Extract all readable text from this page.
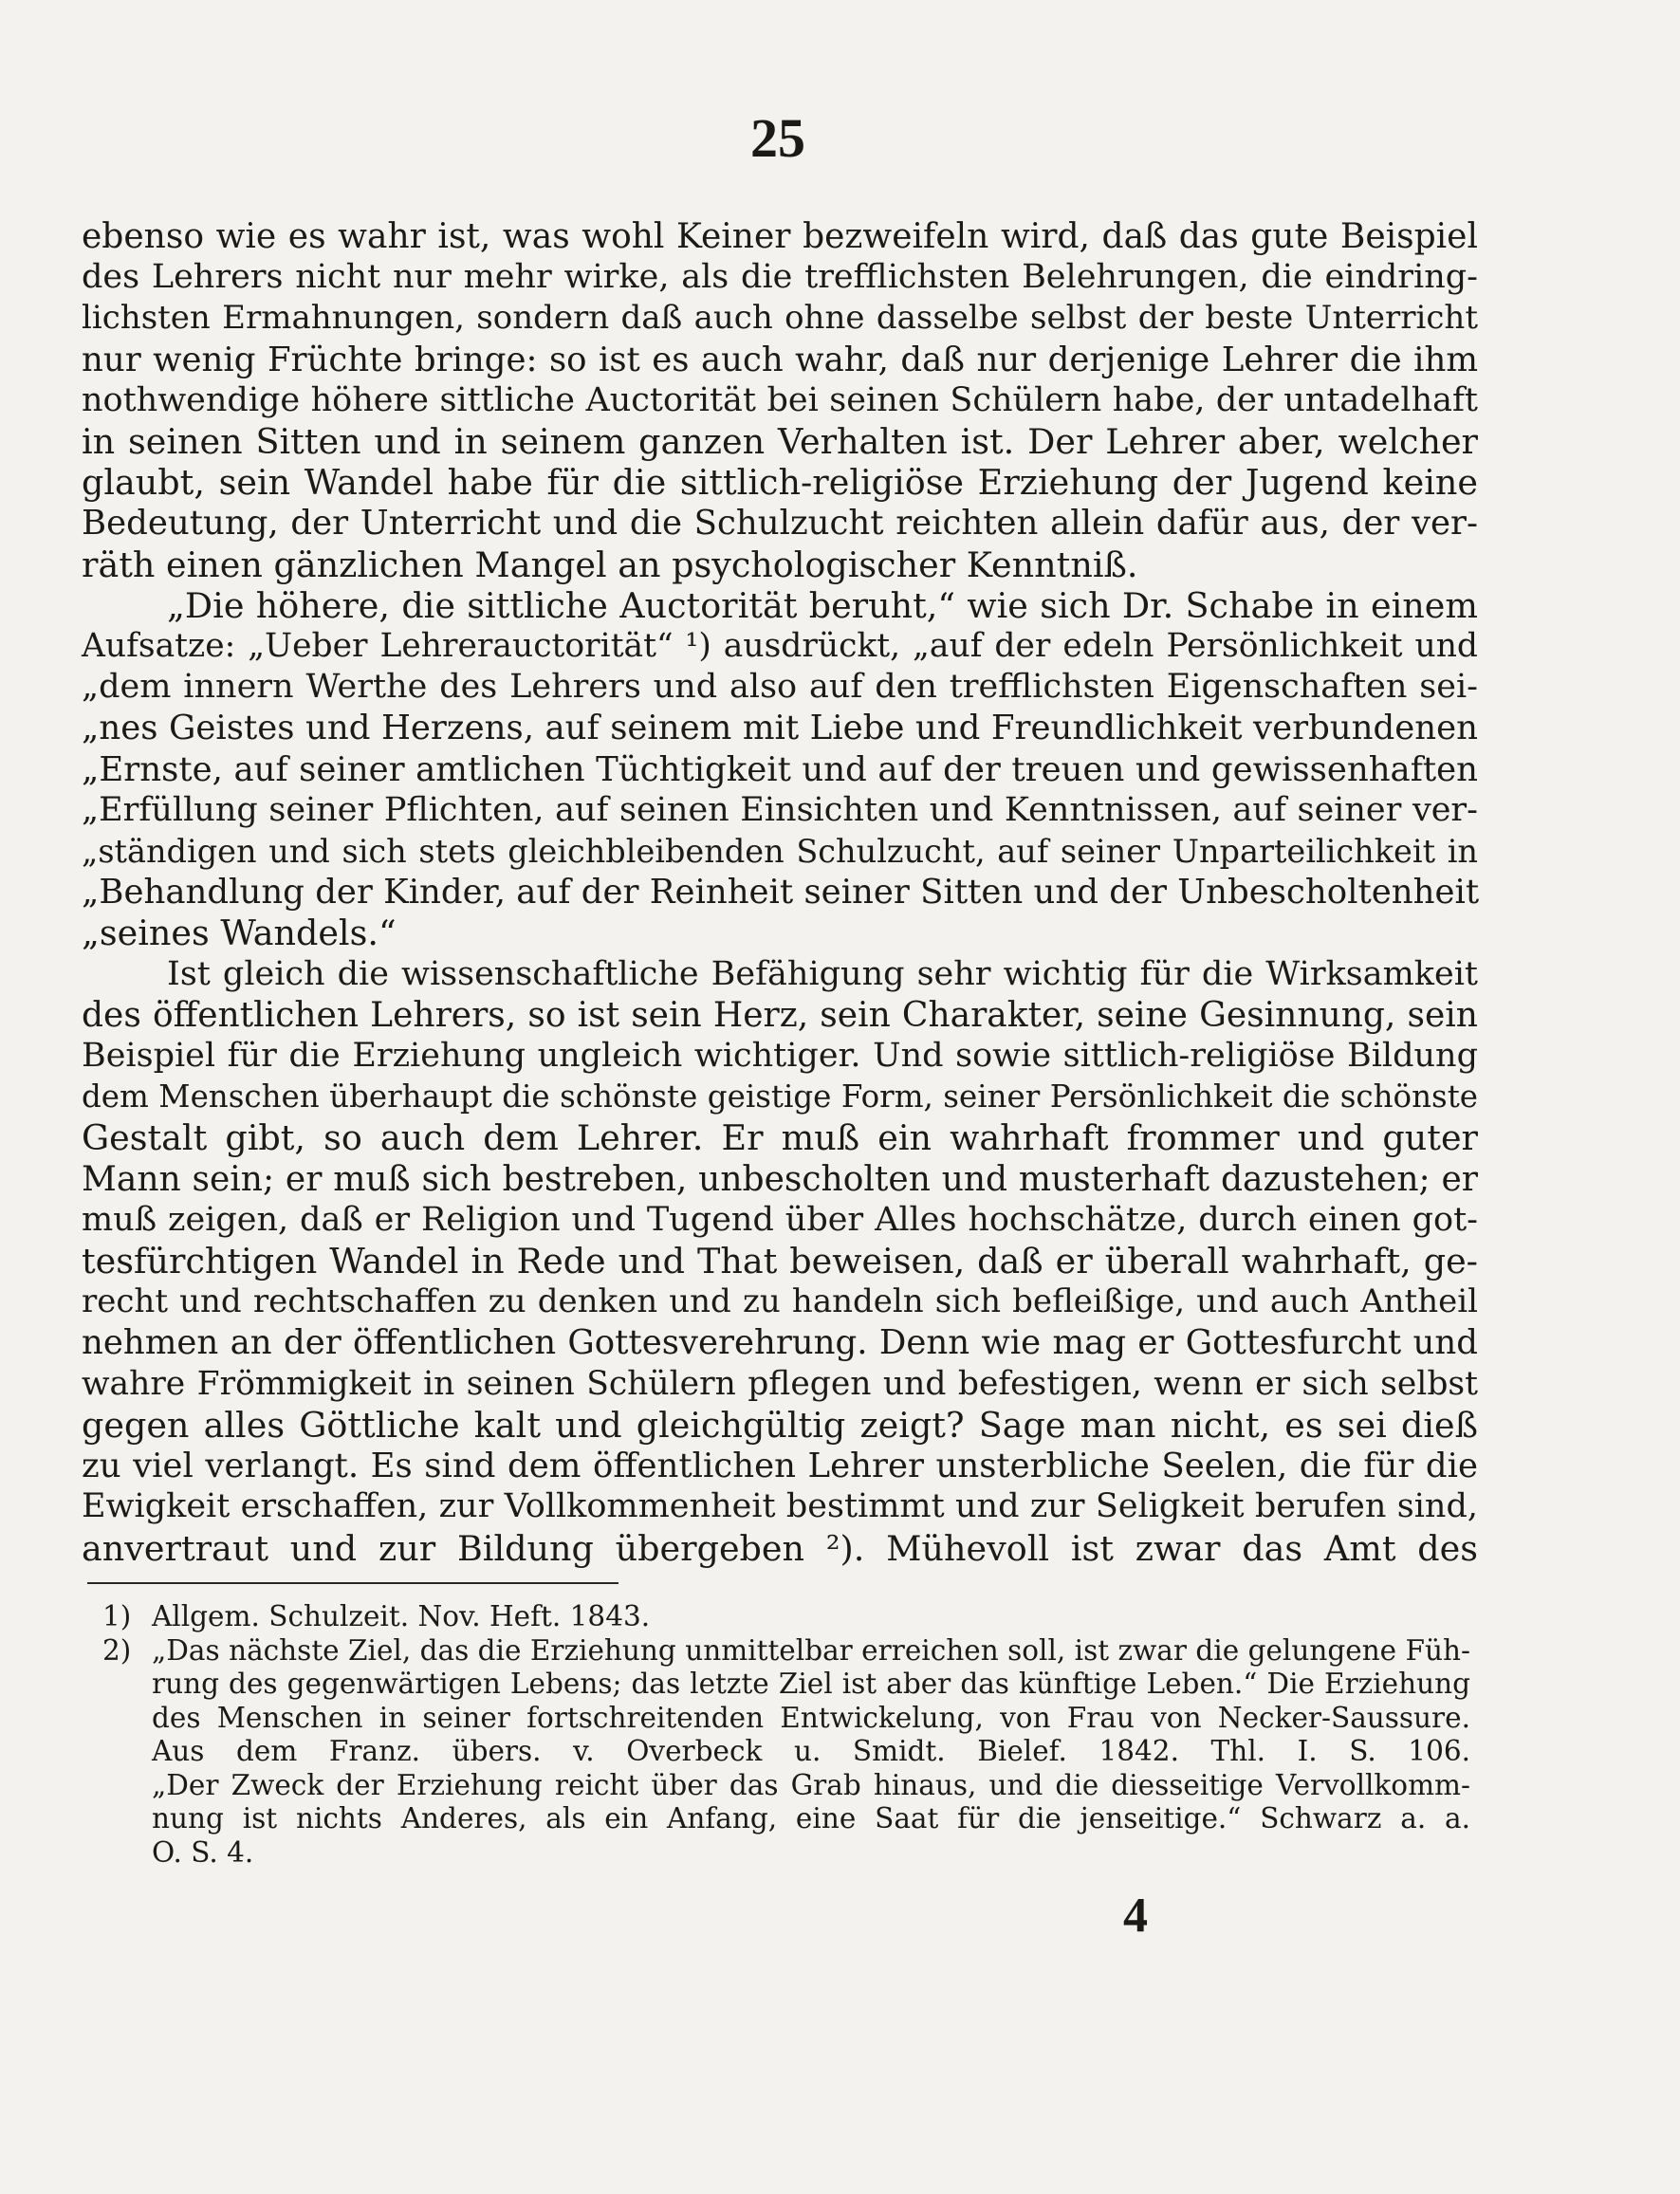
25
ebenso wie es wahr ist, was wohl Keiner bezweifeln wird, daß das gute Beispiel
des Lehrers nicht nur mehr wirke, als die trefflichsten Belehrungen, die eindring-
lichsten Ermahnungen, sondern daß auch ohne dasselbe selbst der beste Unterricht
nur wenig Früchte bringe: so ist es auch wahr, daß nur derjenige Lehrer die ihm
nothwendige höhere sittliche Auctorität bei seinen Schülern habe, der untadelhaft
in seinen Sitten und in seinem ganzen Verhalten ist. Der Lehrer aber, welcher
glaubt, sein Wandel habe für die sittlich-religiöse Erziehung der Jugend keine
Bedeutung, der Unterricht und die Schulzucht reichten allein dafür aus, der ver-
räth einen gänzlichen Mangel an psychologischer Kenntniß.
„Die höhere, die sittliche Auctorität beruht,“ wie sich Dr. Schabe in einem
Aufsatze: „Ueber Lehrerauctorität“ ¹) ausdrückt, „auf der edeln Persönlichkeit und
„dem innern Werthe des Lehrers und also auf den trefflichsten Eigenschaften sei-
„nes Geistes und Herzens, auf seinem mit Liebe und Freundlichkeit verbundenen
„Ernste, auf seiner amtlichen Tüchtigkeit und auf der treuen und gewissenhaften
„Erfüllung seiner Pflichten, auf seinen Einsichten und Kenntnissen, auf seiner ver-
„ständigen und sich stets gleichbleibenden Schulzucht, auf seiner Unparteilichkeit in
„Behandlung der Kinder, auf der Reinheit seiner Sitten und der Unbescholtenheit
„seines Wandels.“
Ist gleich die wissenschaftliche Befähigung sehr wichtig für die Wirksamkeit
des öffentlichen Lehrers, so ist sein Herz, sein Charakter, seine Gesinnung, sein
Beispiel für die Erziehung ungleich wichtiger. Und sowie sittlich-religiöse Bildung
dem Menschen überhaupt die schönste geistige Form, seiner Persönlichkeit die schönste
Gestalt gibt, so auch dem Lehrer. Er muß ein wahrhaft frommer und guter
Mann sein; er muß sich bestreben, unbescholten und musterhaft dazustehen; er
muß zeigen, daß er Religion und Tugend über Alles hochschätze, durch einen got-
tesfürchtigen Wandel in Rede und That beweisen, daß er überall wahrhaft, ge-
recht und rechtschaffen zu denken und zu handeln sich befleißige, und auch Antheil
nehmen an der öffentlichen Gottesverehrung. Denn wie mag er Gottesfurcht und
wahre Frömmigkeit in seinen Schülern pflegen und befestigen, wenn er sich selbst
gegen alles Göttliche kalt und gleichgültig zeigt? Sage man nicht, es sei dieß
zu viel verlangt. Es sind dem öffentlichen Lehrer unsterbliche Seelen, die für die
Ewigkeit erschaffen, zur Vollkommenheit bestimmt und zur Seligkeit berufen sind,
anvertraut und zur Bildung übergeben ²). Mühevoll ist zwar das Amt des
1) Allgem. Schulzeit. Nov. Heft. 1843.
2) „Das nächste Ziel, das die Erziehung unmittelbar erreichen soll, ist zwar die gelungene Füh-
rung des gegenwärtigen Lebens; das letzte Ziel ist aber das künftige Leben.“ Die Erziehung
des Menschen in seiner fortschreitenden Entwickelung, von Frau von Necker-Saussure.
Aus dem Franz. übers. v. Overbeck u. Smidt. Bielef. 1842. Thl. I. S. 106.
„Der Zweck der Erziehung reicht über das Grab hinaus, und die diesseitige Vervollkomm-
nung ist nichts Anderes, als ein Anfang, eine Saat für die jenseitige.“ Schwarz a. a.
O. S. 4.
4
